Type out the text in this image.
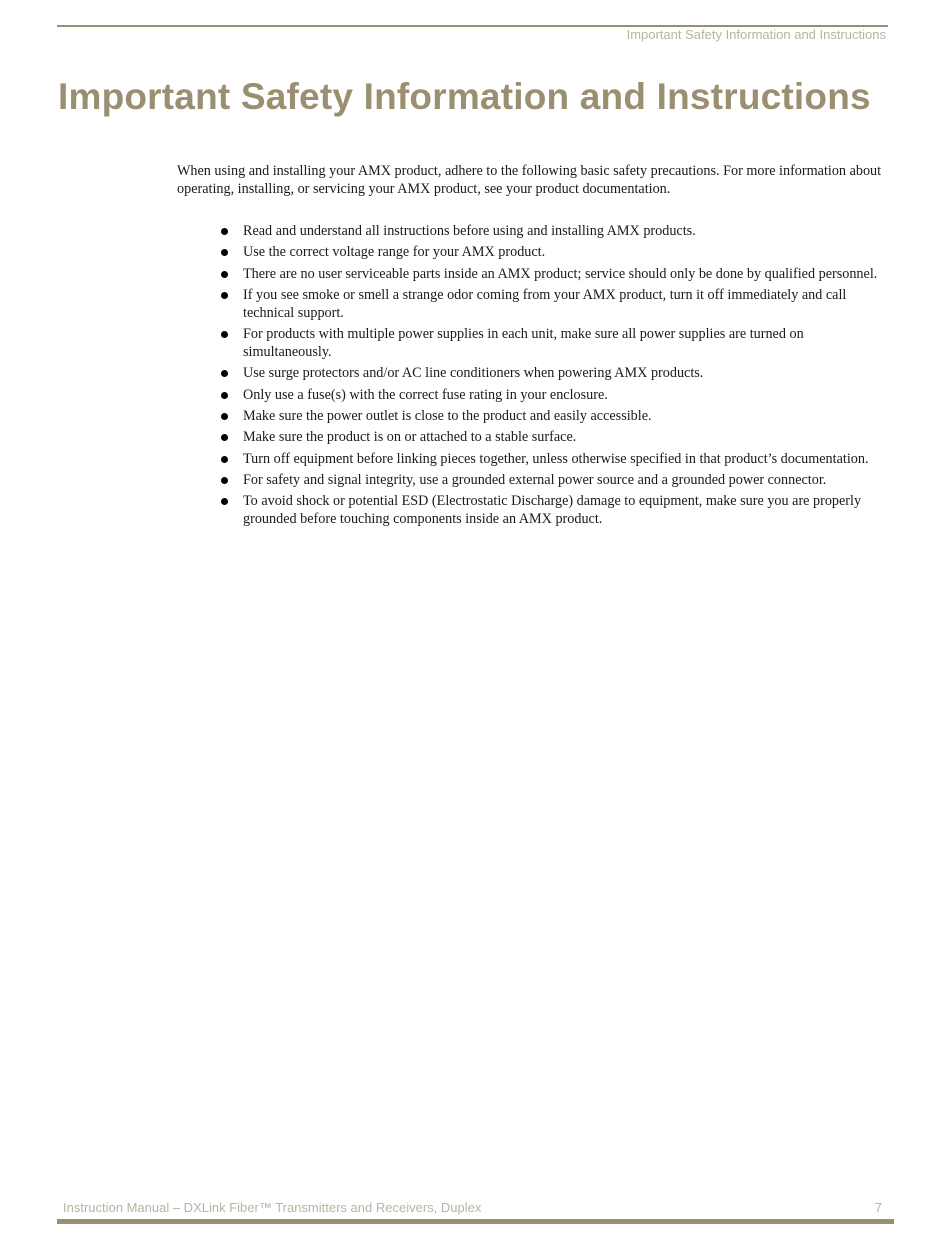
Important Safety Information and Instructions
Important Safety Information and Instructions

When using and installing your AMX product, adhere to the following basic safety precautions. For more information about operating, installing, or servicing your AMX product, see your product documentation.

Read and understand all instructions before using and installing AMX products.
Use the correct voltage range for your AMX product.
There are no user serviceable parts inside an AMX product; service should only be done by qualified personnel.
If you see smoke or smell a strange odor coming from your AMX product, turn it off immediately and call technical support.
For products with multiple power supplies in each unit, make sure all power supplies are turned on simultaneously.
Use surge protectors and/or AC line conditioners when powering AMX products.
Only use a fuse(s) with the correct fuse rating in your enclosure.
Make sure the power outlet is close to the product and easily accessible.
Make sure the product is on or attached to a stable surface.
Turn off equipment before linking pieces together, unless otherwise specified in that product’s documentation.
For safety and signal integrity, use a grounded external power source and a grounded power connector.
To avoid shock or potential ESD (Electrostatic Discharge) damage to equipment, make sure you are properly grounded before touching components inside an AMX product.
Instruction Manual – DXLink Fiber™ Transmitters and Receivers, Duplex	7
